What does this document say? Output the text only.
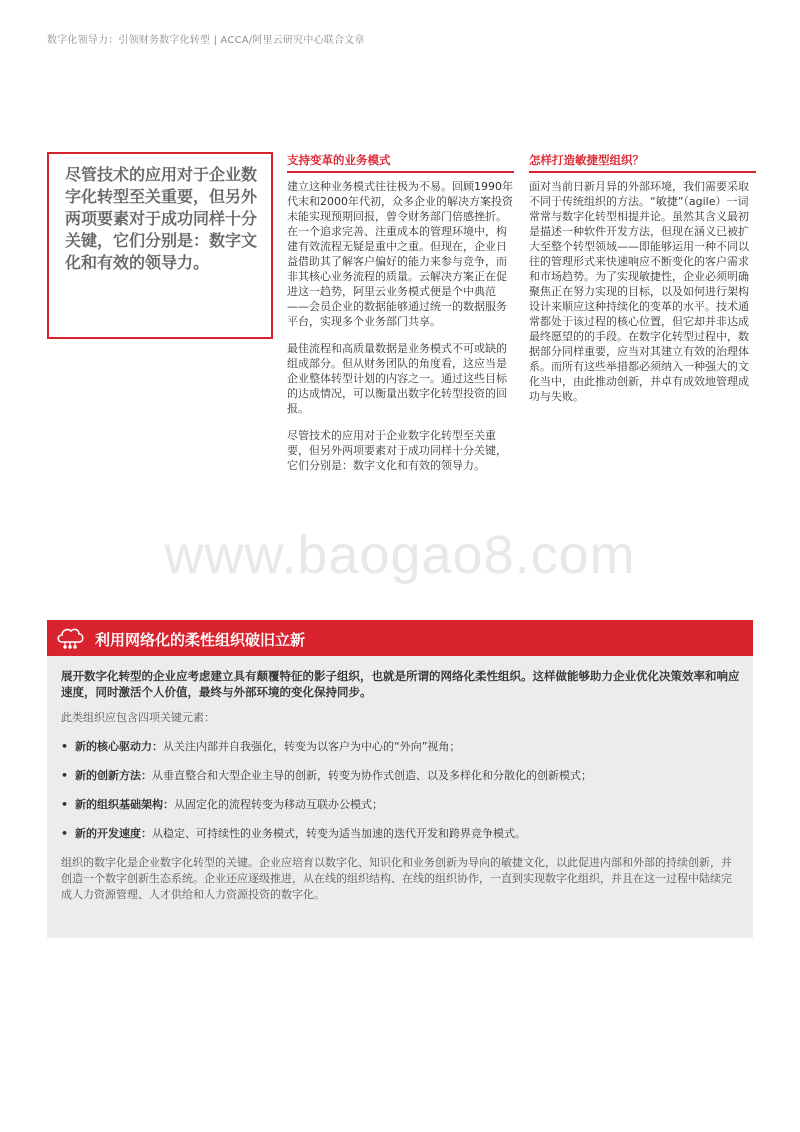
数字化领导力：引领财务数字化转型 | ACCA/阿里云研究中心联合文章

尽管技术的应用对于企业数字化转型至关重要，但另外两项要素对于成功同样十分关键，它们分别是：数字文化和有效的领导力。

支持变革的业务模式

建立这种业务模式往往极为不易。回顾1990年代末和2000年代初，众多企业的解决方案投资未能实现预期回报，曾令财务部门倍感挫折。在一个追求完善、注重成本的管理环境中，构建有效流程无疑是重中之重。但现在，企业日益借助其了解客户偏好的能力来参与竞争，而非其核心业务流程的质量。云解决方案正在促进这一趋势，阿里云业务模式便是个中典范——会员企业的数据能够通过统一的数据服务平台，实现多个业务部门共享。

最佳流程和高质量数据是业务模式不可或缺的组成部分。但从财务团队的角度看，这应当是企业整体转型计划的内容之一。通过这些目标的达成情况，可以衡量出数字化转型投资的回报。

尽管技术的应用对于企业数字化转型至关重要，但另外两项要素对于成功同样十分关键，它们分别是：数字文化和有效的领导力。

怎样打造敏捷型组织？

面对当前日新月异的外部环境，我们需要采取不同于传统组织的方法。“敏捷”（agile）一词常常与数字化转型相提并论。虽然其含义最初是描述一种软件开发方法，但现在涵义已被扩大至整个转型领域——即能够运用一种不同以往的管理形式来快速响应不断变化的客户需求和市场趋势。为了实现敏捷性，企业必须明确聚焦正在努力实现的目标，以及如何进行架构设计来顺应这种持续化的变革的水平。技术通常都处于该过程的核心位置，但它却并非达成最终愿望的的手段。在数字化转型过程中，数据部分同样重要，应当对其建立有效的治理体系。而所有这些举措都必须纳入一种强大的文化当中，由此推动创新，并卓有成效地管理成功与失败。

www.baogao8.com
利用网络化的柔性组织破旧立新

展开数字化转型的企业应考虑建立具有颠覆特征的影子组织，也就是所谓的网络化柔性组织。这样做能够助力企业优化决策效率和响应速度，同时激活个人价值，最终与外部环境的变化保持同步。

此类组织应包含四项关键元素：

• 新的核心驱动力：从关注内部并自我强化，转变为以客户为中心的“外向”视角；
• 新的创新方法：从垂直整合和大型企业主导的创新，转变为协作式创造、以及多样化和分散化的创新模式；
• 新的组织基础架构：从固定化的流程转变为移动互联办公模式；
• 新的开发速度：从稳定、可持续性的业务模式，转变为适当加速的迭代开发和跨界竞争模式。

组织的数字化是企业数字化转型的关键。企业应培育以数字化、知识化和业务创新为导向的敏捷文化，以此促进内部和外部的持续创新，并创造一个数字创新生态系统。企业还应逐级推进，从在线的组织结构、在线的组织协作，一直到实现数字化组织，并且在这一过程中陆续完成人力资源管理、人才供给和人力资源投资的数字化。
